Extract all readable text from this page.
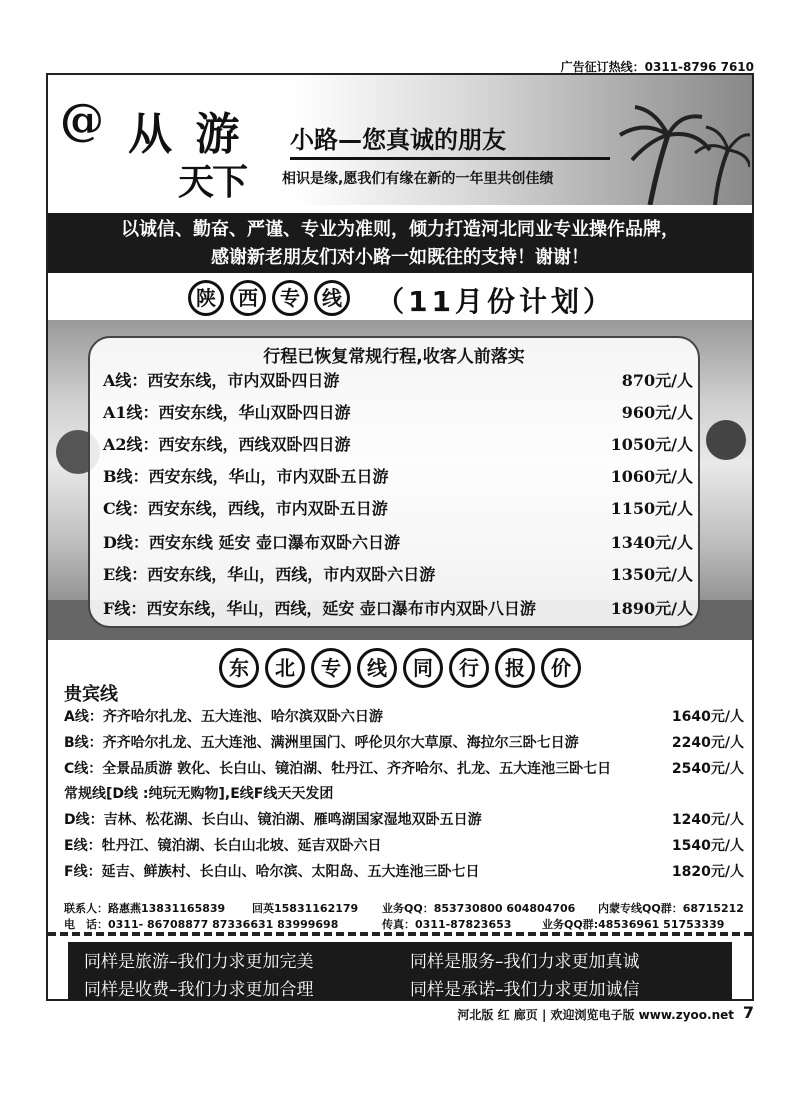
广告征订热线：0311-8796 7610
@ 从 游
天下
小路—您真诚的朋友
相识是缘,愿我们有缘在新的一年里共创佳绩
以诚信、勤奋、严谨、专业为准则，倾力打造河北同业专业操作品牌，
感谢新老朋友们对小路一如既往的支持！谢谢！
陕 西 专 线 （11月份计划）
行程已恢复常规行程,收客人前落实
A线：西安东线，市内双卧四日游	870元/人
A1线：西安东线，华山双卧四日游	960元/人
A2线：西安东线，西线双卧四日游	1050元/人
B线：西安东线，华山，市内双卧五日游	1060元/人
C线：西安东线，西线，市内双卧五日游	1150元/人
D线：西安东线 延安 壶口瀑布双卧六日游	1340元/人
E线：西安东线，华山，西线，市内双卧六日游	1350元/人
F线：西安东线，华山，西线，延安 壶口瀑布市内双卧八日游	1890元/人
东 北 专 线 同 行 报 价
贵宾线
A线：齐齐哈尔扎龙、五大连池、哈尔滨双卧六日游	1640元/人
B线：齐齐哈尔扎龙、五大连池、满洲里国门、呼伦贝尔大草原、海拉尔三卧七日游	2240元/人
C线：全景品质游 敦化、长白山、镜泊湖、牡丹江、齐齐哈尔、扎龙、五大连池三卧七日	2540元/人
常规线[D线 :纯玩无购物],E线F线天天发团
D线：吉林、松花湖、长白山、镜泊湖、雁鸣湖国家湿地双卧五日游	1240元/人
E线：牡丹江、镜泊湖、长白山北坡、延吉双卧六日	1540元/人
F线：延吉、鲜族村、长白山、哈尔滨、太阳岛、五大连池三卧七日	1820元/人
联系人：路惠燕13831165839 回英15831162179 业务QQ：853730800 604804706 内蒙专线QQ群：68715212
电　话：0311- 86708877 87336631 83999698	传真：0311-87823653	业务QQ群:48536961 51753339
同样是旅游–我们力求更加完美	同样是服务–我们力求更加真诚
同样是收费–我们力求更加合理	同样是承诺–我们力求更加诚信
河北版 红 廊页 | 欢迎浏览电子版 www.zyoo.net 7
